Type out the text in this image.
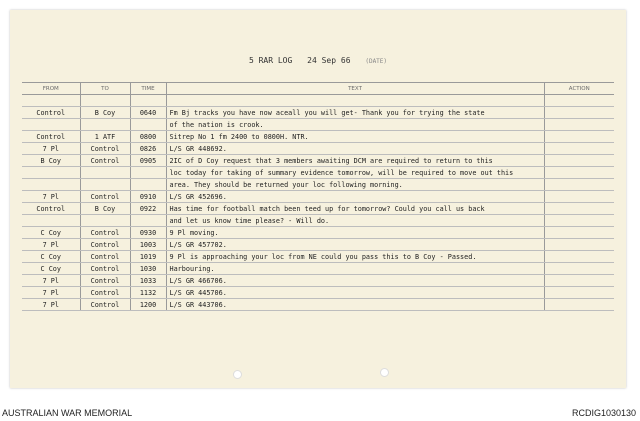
5 RAR LOG 24 Sep 66 (DATE)
FROM	TO	TIME	TEXT	ACTION

Control	B Coy	0640	Fm Bj tracks you have now aceall you will get- Thank you for trying the state	
			of the nation is crook.	
Control	1 ATF	0800	Sitrep No 1 fm 2400 to 0800H. NTR.	
7 Pl	Control	0826	L/S GR 448692.	
B Coy	Control	0905	2IC of D Coy request that 3 members awaiting DCM are required to return to this	
			loc today for taking of summary evidence tomorrow, will be required to move out this	
			area. They should be returned your loc following morning.	
7 Pl	Control	0910	L/S GR 452696.	
Control	B Coy	0922	Has time for football match been teed up for tomorrow? Could you call us back	
			and let us know time please? - Will do.	
C Coy	Control	0930	9 Pl moving.	
7 Pl	Control	1003	L/S GR 457702.	
C Coy	Control	1019	9 Pl is approaching your loc from NE could you pass this to B Coy - Passed.	
C Coy	Control	1030	Harbouring.	
7 Pl	Control	1033	L/S GR 466706.	
7 Pl	Control	1132	L/S GR 445706.	
7 Pl	Control	1200	L/S GR 443706.	
AUSTRALIAN WAR MEMORIAL	RCDIG1030130
